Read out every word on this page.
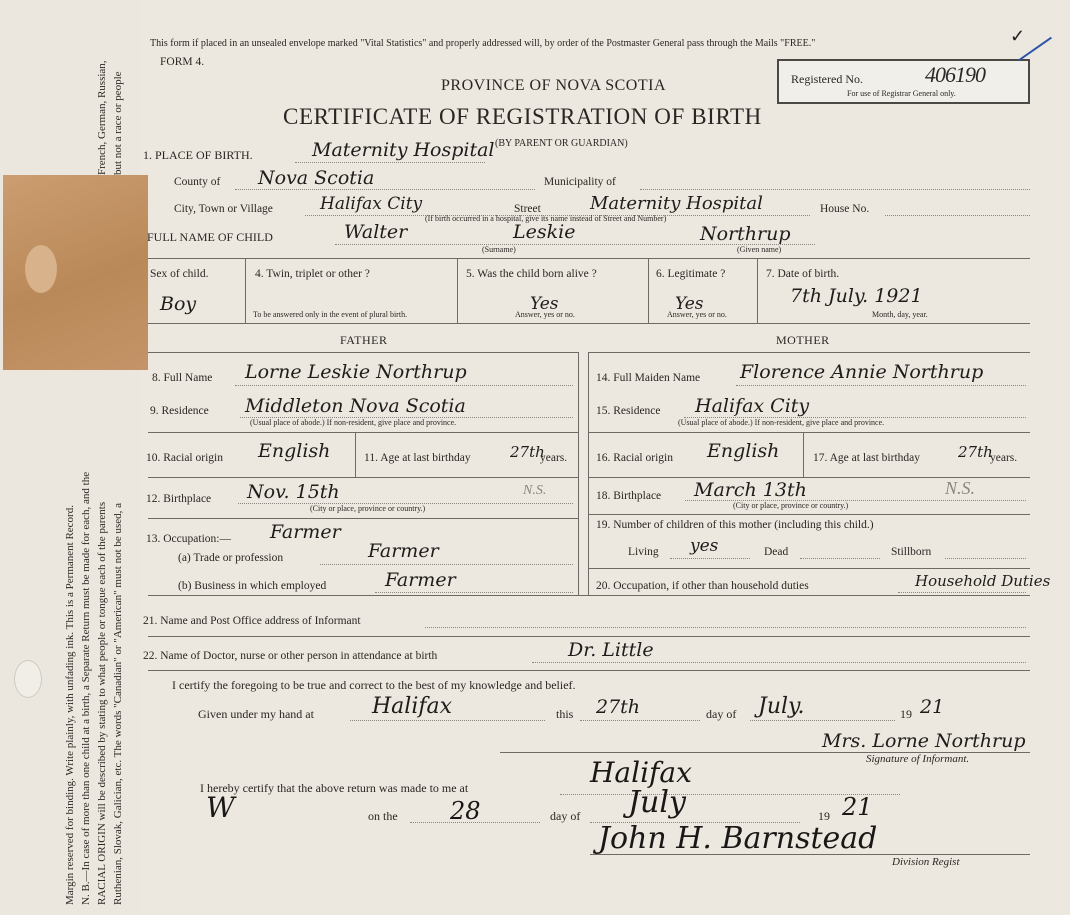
Margin reserved for binding. Write plainly, with unfading ink. This is a Permanent Record. N. B.—In case of more than one child at a birth, a Separate Return must be made for each, and the RACIAL ORIGIN will be described by stating to what people or tongue each of the parents Ruthenian, Slovak, Galician, etc. The words "Canadian" or "American" must not be used, a
French, German, Russian, but not a race or people
This form if placed in an unsealed envelope marked "Vital Statistics" and properly addressed will, by order of the Postmaster General pass through the Mails "FREE."	✓
FORM 4.
PROVINCE OF NOVA SCOTIA
CERTIFICATE OF REGISTRATION OF BIRTH
(BY PARENT OR GUARDIAN)
Registered No.	406190
For use of Registrar General only.
1. PLACE OF BIRTH.	Maternity Hospital
County of Nova Scotia	Municipality of
City, Town or Village	Halifax City	Street	Maternity Hospital	House No.
(If birth occurred in a hospital, give its name instead of Street and Number)
FULL NAME OF CHILD	Walter	Leskie	Northrup
(Surname)	(Given name)
Sex of child.
Boy
4. Twin, triplet or other ?
To be answered only in the event of plural birth.
5. Was the child born alive ?
Yes
Answer, yes or no.
6. Legitimate ?
Yes
Answer, yes or no.
7. Date of birth.
7th July. 1921
Month, day, year.
FATHER	MOTHER
8. Full Name Lorne Leskie Northrup
9. Residence Middleton Nova Scotia
(Usual place of abode.) If non-resident, give place and province.
10. Racial origin English	11. Age at last birthday	27th
years.
12. Birthplace Nov. 15th	N.S.
(City or place, province or country.)
13. Occupation:— Farmer
(a) Trade or profession	Farmer
(b) Business in which employed	Farmer
14. Full Maiden Name Florence Annie Northrup
15. Residence Halifax City
(Usual place of abode.) If non-resident, give place and province.
16. Racial origin English	17. Age at last birthday	27th
years.
18. Birthplace March 13th	N.S.
(City or place, province or country.)
19. Number of children of this mother (including this child.)
Living yes	Dead	Stillborn
20. Occupation, if other than household duties	Household Duties
21. Name and Post Office address of Informant
22. Name of Doctor, nurse or other person in attendance at birth	Dr. Little
I certify the foregoing to be true and correct to the best of my knowledge and belief.
Given under my hand at	Halifax	this 27th	day of July.	19 21
Mrs. Lorne Northrup
Signature of Informant.
I hereby certify that the above return was made to me at	Halifax
W	on the 28	day of July	19 21
John H. Barnstead
Division Regist
